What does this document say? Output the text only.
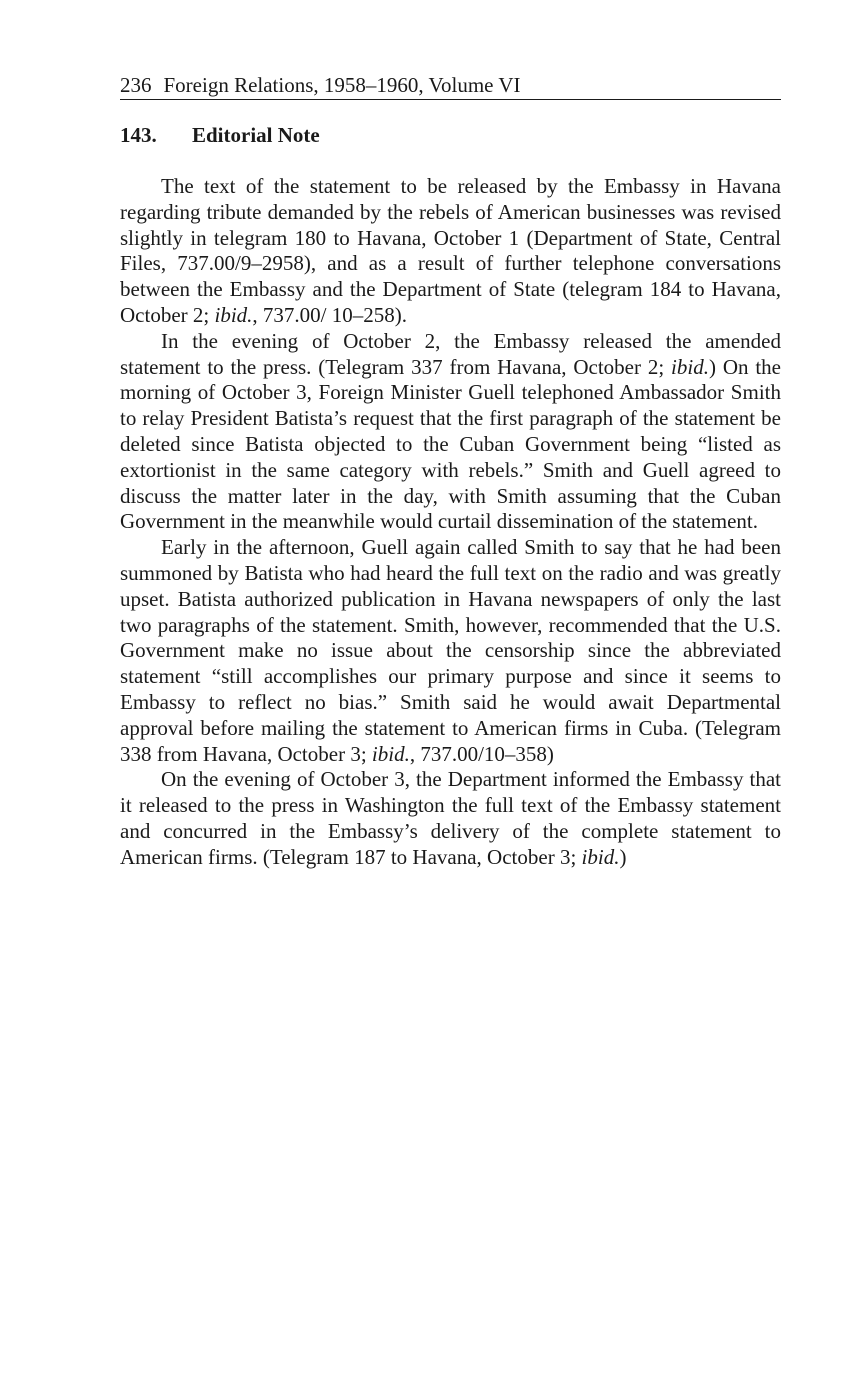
236 Foreign Relations, 1958–1960, Volume VI
143. Editorial Note

The text of the statement to be released by the Embassy in Havana regarding tribute demanded by the rebels of American businesses was revised slightly in telegram 180 to Havana, October 1 (Department of State, Central Files, 737.00/9–2958), and as a result of further telephone conversations between the Embassy and the Department of State (telegram 184 to Havana, October 2; ibid., 737.00/ 10–258).

In the evening of October 2, the Embassy released the amended statement to the press. (Telegram 337 from Havana, October 2; ibid.) On the morning of October 3, Foreign Minister Guell telephoned Ambassador Smith to relay President Batista’s request that the first paragraph of the statement be deleted since Batista objected to the Cuban Government being “listed as extortionist in the same category with rebels.” Smith and Guell agreed to discuss the matter later in the day, with Smith assuming that the Cuban Government in the meanwhile would curtail dissemination of the statement.

Early in the afternoon, Guell again called Smith to say that he had been summoned by Batista who had heard the full text on the radio and was greatly upset. Batista authorized publication in Havana newspapers of only the last two paragraphs of the statement. Smith, however, recommended that the U.S. Government make no issue about the censorship since the abbreviated statement “still accomplishes our primary purpose and since it seems to Embassy to reflect no bias.” Smith said he would await Departmental approval before mailing the statement to American firms in Cuba. (Telegram 338 from Havana, October 3; ibid., 737.00/10–358)

On the evening of October 3, the Department informed the Embassy that it released to the press in Washington the full text of the Embassy statement and concurred in the Embassy’s delivery of the complete statement to American firms. (Telegram 187 to Havana, October 3; ibid.)
